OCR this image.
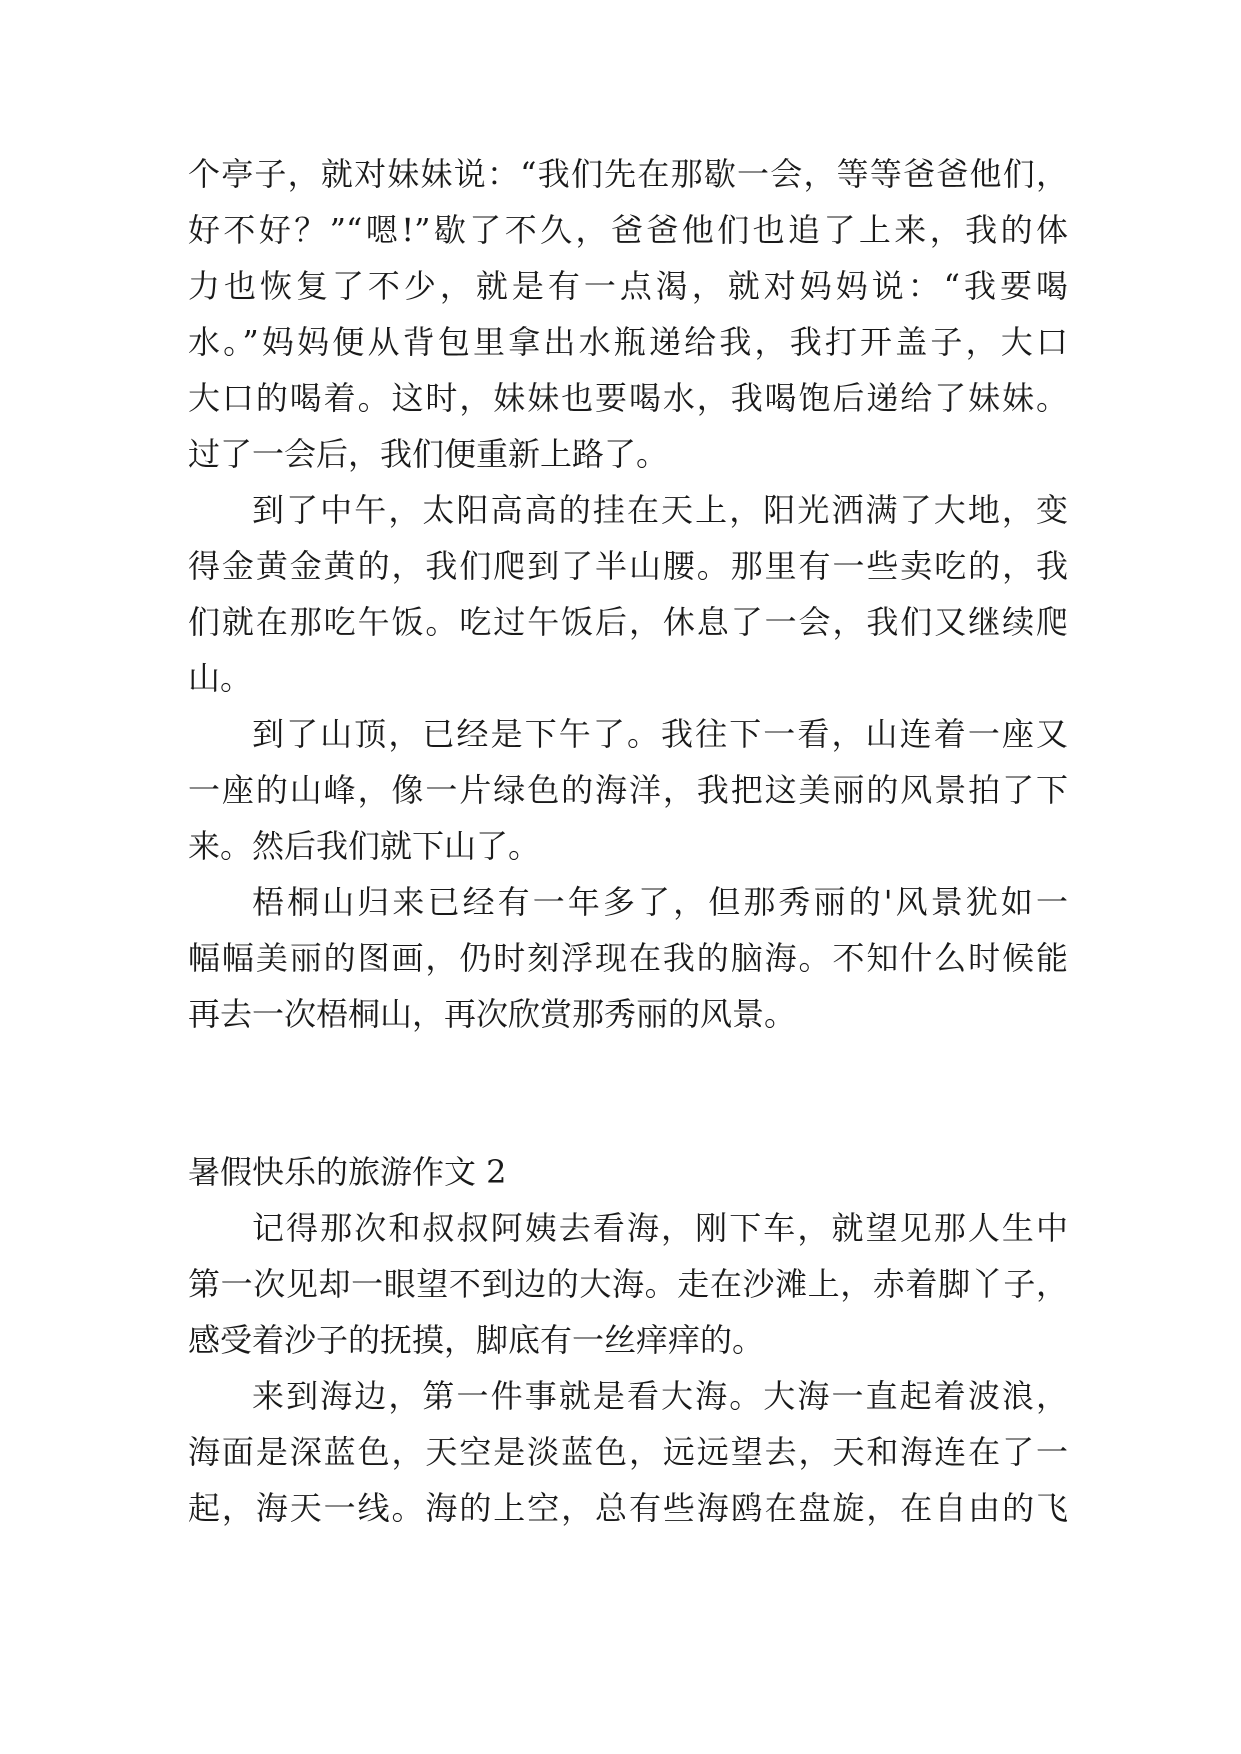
个亭子，就对妹妹说：“我们先在那歇一会，等等爸爸他们，
好不好？”“嗯!”歇了不久，爸爸他们也追了上来，我的体
力也恢复了不少，就是有一点渴，就对妈妈说：“我要喝
水。”妈妈便从背包里拿出水瓶递给我，我打开盖子，大口
大口的喝着。这时，妹妹也要喝水，我喝饱后递给了妹妹。
过了一会后，我们便重新上路了。
到了中午，太阳高高的挂在天上，阳光洒满了大地，变
得金黄金黄的，我们爬到了半山腰。那里有一些卖吃的，我
们就在那吃午饭。吃过午饭后，休息了一会，我们又继续爬
山。
到了山顶，已经是下午了。我往下一看，山连着一座又
一座的山峰，像一片绿色的海洋，我把这美丽的风景拍了下
来。然后我们就下山了。
梧桐山归来已经有一年多了，但那秀丽的'风景犹如一
幅幅美丽的图画，仍时刻浮现在我的脑海。不知什么时候能
再去一次梧桐山，再次欣赏那秀丽的风景。
暑假快乐的旅游作文 2
记得那次和叔叔阿姨去看海，刚下车，就望见那人生中
第一次见却一眼望不到边的大海。走在沙滩上，赤着脚丫子，
感受着沙子的抚摸，脚底有一丝痒痒的。
来到海边，第一件事就是看大海。大海一直起着波浪，
海面是深蓝色，天空是淡蓝色，远远望去，天和海连在了一
起，海天一线。海的上空，总有些海鸥在盘旋，在自由的飞
